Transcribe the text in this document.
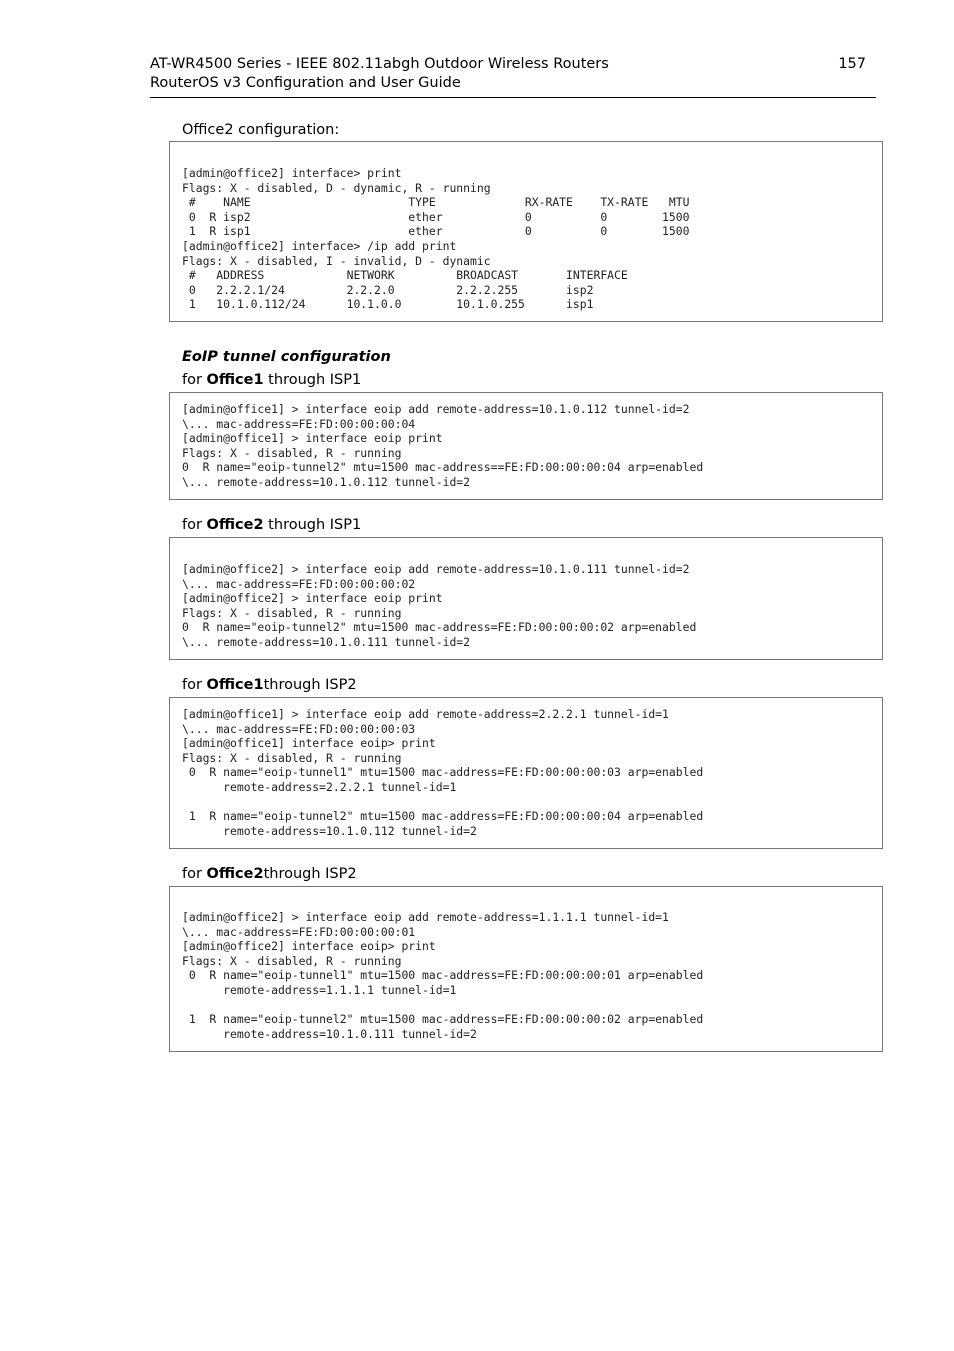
AT-WR4500 Series - IEEE 802.11abgh Outdoor Wireless Routers
RouterOS v3 Configuration and User Guide
157
Office2 configuration:
[admin@office2] interface> print
Flags: X - disabled, D - dynamic, R - running
#    NAME                       TYPE             RX-RATE    TX-RATE   MTU
0  R isp2                       ether            0          0        1500
1  R isp1                       ether            0          0        1500
[admin@office2] interface> /ip add print
Flags: X - disabled, I - invalid, D - dynamic
#   ADDRESS            NETWORK         BROADCAST       INTERFACE
0   2.2.2.1/24         2.2.2.0         2.2.2.255       isp2
1   10.1.0.112/24      10.1.0.0        10.1.0.255      isp1
EoIP tunnel configuration
for Office1 through ISP1
[admin@office1] > interface eoip add remote-address=10.1.0.112 tunnel-id=2
\... mac-address=FE:FD:00:00:00:04
[admin@office1] > interface eoip print
Flags: X - disabled, R - running
0  R name="eoip-tunnel2" mtu=1500 mac-address==FE:FD:00:00:00:04 arp=enabled
\... remote-address=10.1.0.112 tunnel-id=2
for Office2 through ISP1
[admin@office2] > interface eoip add remote-address=10.1.0.111 tunnel-id=2
\... mac-address=FE:FD:00:00:00:02
[admin@office2] > interface eoip print
Flags: X - disabled, R - running
0  R name="eoip-tunnel2" mtu=1500 mac-address=FE:FD:00:00:00:02 arp=enabled
\... remote-address=10.1.0.111 tunnel-id=2
for Office1through ISP2
[admin@office1] > interface eoip add remote-address=2.2.2.1 tunnel-id=1
\... mac-address=FE:FD:00:00:00:03
[admin@office1] interface eoip> print
Flags: X - disabled, R - running
0  R name="eoip-tunnel1" mtu=1500 mac-address=FE:FD:00:00:00:03 arp=enabled
remote-address=2.2.2.1 tunnel-id=1

1  R name="eoip-tunnel2" mtu=1500 mac-address=FE:FD:00:00:00:04 arp=enabled
remote-address=10.1.0.112 tunnel-id=2
for Office2through ISP2
[admin@office2] > interface eoip add remote-address=1.1.1.1 tunnel-id=1
\... mac-address=FE:FD:00:00:00:01
[admin@office2] interface eoip> print
Flags: X - disabled, R - running
0  R name="eoip-tunnel1" mtu=1500 mac-address=FE:FD:00:00:00:01 arp=enabled
remote-address=1.1.1.1 tunnel-id=1

1  R name="eoip-tunnel2" mtu=1500 mac-address=FE:FD:00:00:00:02 arp=enabled
remote-address=10.1.0.111 tunnel-id=2
